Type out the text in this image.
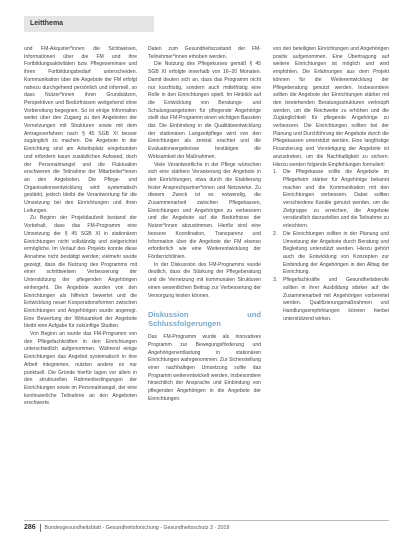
Leitthema

und FM-Akquirier*innen die Sichtweisen, Informationen über die FM und ihre Fortbildungsaktivitäten bzw. Pflegeseminare und ihren Fortbildungsbedarf unterscheiden. Kommunikation über die Angebote der FM erfolgt nahezu durchgehend persönlich und informell, so dass Nutzer*innen ihren Grundsätzen, Perspektiven und Bedürfnissen weitgehend ohne Vorbereitung begegnen. So ist einige Information weiter über den Zugang zu den Angeboten der Vernetzungen mit Strukturen sowie mit dem Antragsverfahren nach § 45 SGB XI besser zugänglich zu machen. Die Angebote in der Einrichtung sind am Arbeitsplatz eingebunden und erfordern kaum zusätzlichen Aufwand, doch der Personalmangel und die Fluktuation erschweren die Teilnahme der Mitarbeiter*innen an den Angeboten. Die Pflege- und Organisationsentwicklung wird systematisch gestärkt, jedoch bleibt die Verantwortung für die Umsetzung bei den Einrichtungen und ihren Leitungen.

Zu Beginn der Projektlaufzeit bestand der Vorbehalt, dass das FM-Programm eine Umsetzung der § 45 SGB XI in stationären Einrichtungen nicht vollständig und zielgerichtet ermögliche. Im Verlauf des Projekts konnte diese Annahme nicht bestätigt werden; vielmehr wurde gezeigt, dass die Nutzung des Programms mit einer schrittweisen Verbesserung der Unterstützung der pflegenden Angehörigen einhergeht. Die Angebote wurden von den Einrichtungen als hilfreich bewertet und die Entwicklung neuer Kooperationsformen zwischen Einrichtungen und Angehörigen wurde angeregt. Eine Bewertung der Wirksamkeit der Angebote bleibt eine Aufgabe für zukünftige Studien.

Von Beginn an wurde das FM-Programm von den Pflegefachkräften in den Einrichtungen unterschiedlich aufgenommen. Während einige Einrichtungen das Angebot systematisch in ihre Arbeit integrierten, nutzten andere es nur punktuell. Die Gründe hierfür lagen vor allem in den strukturellen Rahmenbedingungen der Einrichtungen sowie im Personalmangel, der eine kontinuierliche Teilnahme an den Angeboten erschwerte.

Daten zum Gesundheitszustand der FM-Teilnehmer*innen erhoben werden.

Die Nutzung des Pflegekurses gemäß § 45 SGB XI erfolgte innerhalb von 16–20 Monaten. Damit deuten sich an, dass das Programm nicht nur kurzfristig, sondern auch mittelfristig eine Rolle in den Einrichtungen spielt. Im Hinblick auf die Entwicklung von Beratungs- und Schulungsangeboten für pflegende Angehörige stellt das FM-Programm einen wichtigen Baustein dar. Die Einbindung in die Qualitätsentwicklung der stationären Langzeitpflege wird von den Einrichtungen als zentral erachtet und die Evaluationsergebnisse bestätigen die Wirksamkeit der Maßnahmen.

Viele Verantwortliche in der Pflege wünschen sich eine stärkere Verankerung der Angebote in den Einrichtungen, etwa durch die Etablierung fester Ansprechpartner*innen und Netzwerke. Zu diesem Zweck ist es notwendig, die Zusammenarbeit zwischen Pflegekassen, Einrichtungen und Angehörigen zu verbessern und die Angebote auf die Bedürfnisse der Nutzer*innen abzustimmen. Hierfür sind eine bessere Koordination, Transparenz und Information über die Angebote der FM ebenso erforderlich wie eine Weiterentwicklung der Förderrichtlinien.

In der Diskussion des FM-Programms wurde deutlich, dass die Stärkung der Pflegeberatung und die Vernetzung mit kommunalen Strukturen einen wesentlichen Beitrag zur Verbesserung der Versorgung leisten können.

Diskussion und Schlussfolgerungen

Das FM-Programm wurde als innovatives Programm zur Bewegungsförderung und Angehörigenentlastung in stationären Einrichtungen wahrgenommen. Zur Sicherstellung einer nachhaltigen Umsetzung sollte das Programm weiterentwickelt werden, insbesondere hinsichtlich der Ansprache und Einbindung von pflegenden Angehörigen in die Angebote der Einrichtungen.

von den beteiligten Einrichtungen und Angehörigen positiv aufgenommen. Eine Übertragung auf weitere Einrichtungen ist möglich und wird empfohlen. Die Erfahrungen aus dem Projekt können für die Weiterentwicklung der Pflegeberatung genutzt werden. Insbesondere sollten die Angebote der Einrichtungen stärker mit den bestehenden Beratungsstrukturen verknüpft werden, um die Reichweite zu erhöhen und die Zugänglichkeit für pflegende Angehörige zu verbessern. Die Einrichtungen sollten bei der Planung und Durchführung der Angebote durch die Pflegekassen unterstützt werden. Eine langfristige Finanzierung und Verstetigung der Angebote ist anzustreben, um die Nachhaltigkeit zu sichern. Hierzu werden folgende Empfehlungen formuliert:

1. Die Pflegekasse sollte die Angebote im Pflegeheim stärker für Angehörige bekannt machen und die Kommunikation mit den Einrichtungen verbessern. Dabei sollten verschiedene Kanäle genutzt werden, um die Zielgruppe zu erreichen, die Angebote verständlich darzustellen und die Teilnahme zu erleichtern.
2. Die Einrichtungen sollten in der Planung und Umsetzung der Angebote durch Beratung und Begleitung unterstützt werden. Hierzu gehört auch die Entwicklung von Konzepten zur Einbindung der Angehörigen in den Alltag der Einrichtung.
3. Pflegefachkräfte und Gesundheitsberufe sollten in ihrer Ausbildung stärker auf die Zusammenarbeit mit Angehörigen vorbereitet werden. Qualifizierungsmaßnahmen und Handlungsempfehlungen können hierbei unterstützend wirken.
286 Bundesgesundheitsblatt - Gesundheitsforschung - Gesundheitsschutz 3 · 2019
